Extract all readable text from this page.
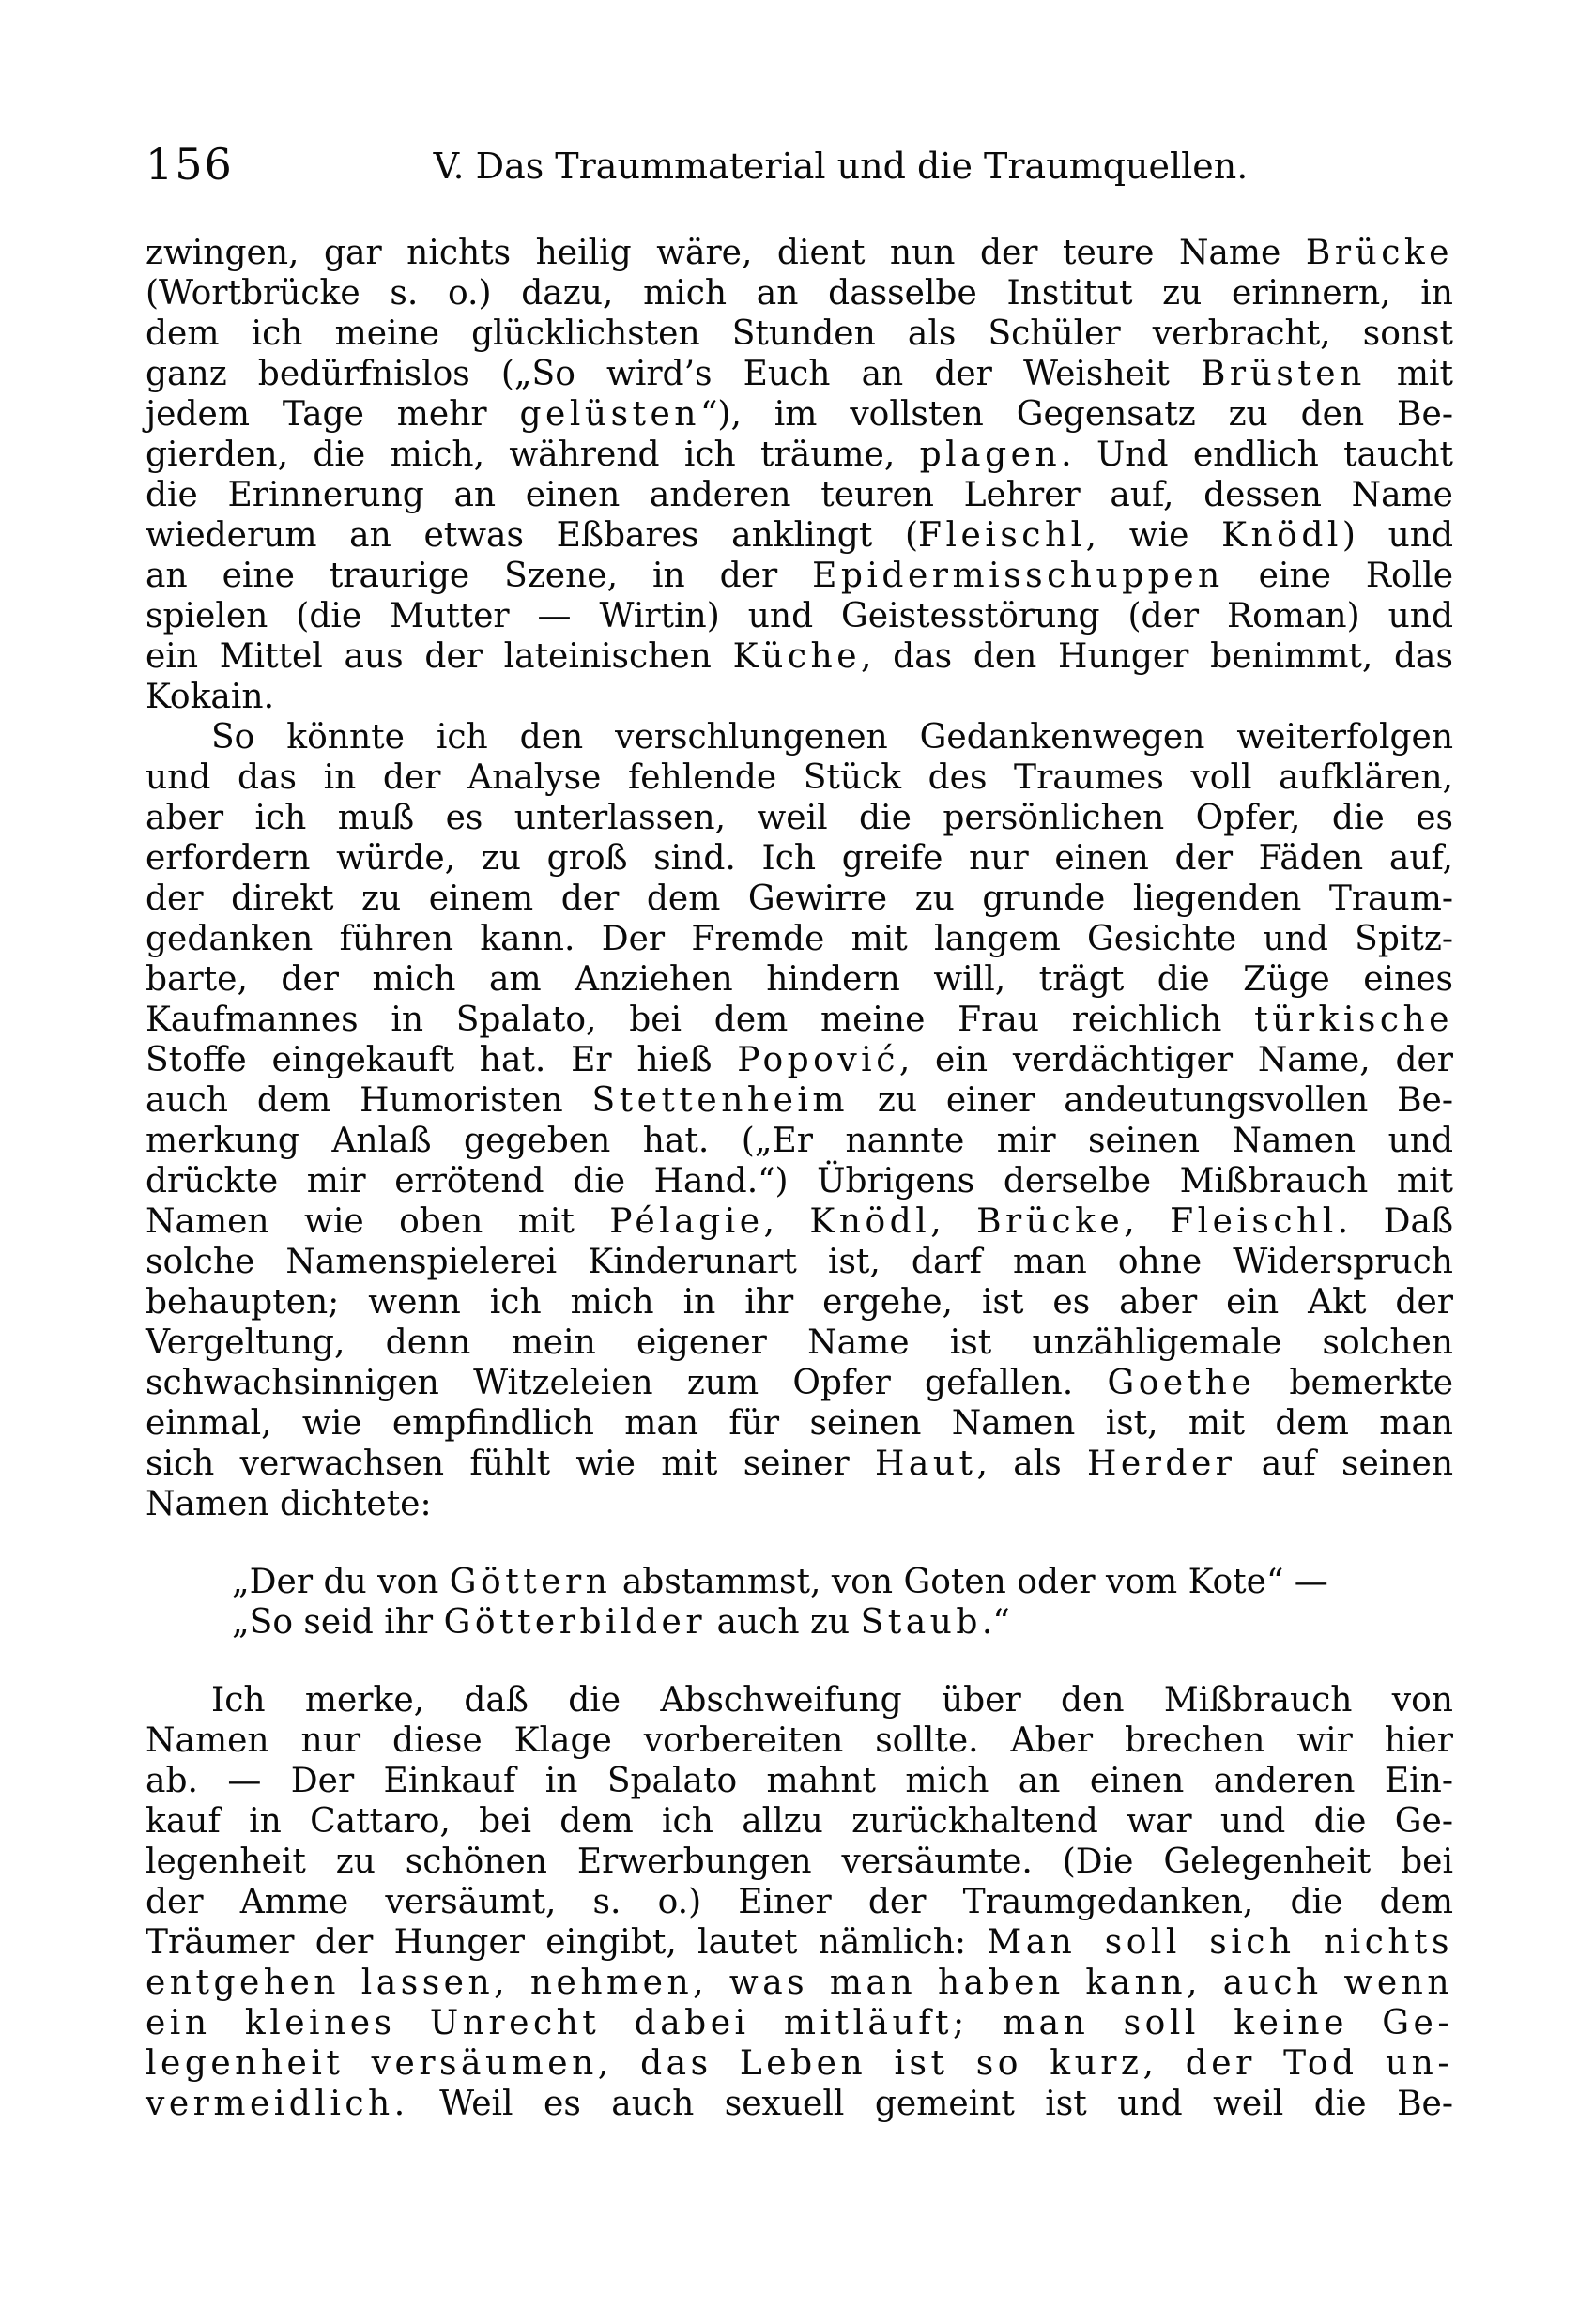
156	V. Das Traummaterial und die Traumquellen.
zwingen, gar nichts heilig wäre, dient nun der teure Name Brücke
(Wortbrücke s. o.) dazu, mich an dasselbe Institut zu erinnern, in
dem ich meine glücklichsten Stunden als Schüler verbracht, sonst
ganz bedürfnislos („So wird’s Euch an der Weisheit Brüsten mit
jedem Tage mehr gelüsten“), im vollsten Gegensatz zu den Be-
gierden, die mich, während ich träume, plagen. Und endlich taucht
die Erinnerung an einen anderen teuren Lehrer auf, dessen Name
wiederum an etwas Eßbares anklingt (Fleischl, wie Knödl) und
an eine traurige Szene, in der Epidermisschuppen eine Rolle
spielen (die Mutter — Wirtin) und Geistesstörung (der Roman) und
ein Mittel aus der lateinischen Küche, das den Hunger benimmt, das
Kokain.
So könnte ich den verschlungenen Gedankenwegen weiterfolgen
und das in der Analyse fehlende Stück des Traumes voll aufklären,
aber ich muß es unterlassen, weil die persönlichen Opfer, die es
erfordern würde, zu groß sind. Ich greife nur einen der Fäden auf,
der direkt zu einem der dem Gewirre zu grunde liegenden Traum-
gedanken führen kann. Der Fremde mit langem Gesichte und Spitz-
barte, der mich am Anziehen hindern will, trägt die Züge eines
Kaufmannes in Spalato, bei dem meine Frau reichlich türkische
Stoffe eingekauft hat. Er hieß Popović, ein verdächtiger Name, der
auch dem Humoristen Stettenheim zu einer andeutungsvollen Be-
merkung Anlaß gegeben hat. („Er nannte mir seinen Namen und
drückte mir errötend die Hand.“) Übrigens derselbe Mißbrauch mit
Namen wie oben mit Pélagie, Knödl, Brücke, Fleischl. Daß
solche Namenspielerei Kinderunart ist, darf man ohne Widerspruch
behaupten; wenn ich mich in ihr ergehe, ist es aber ein Akt der
Vergeltung, denn mein eigener Name ist unzähligemale solchen
schwachsinnigen Witzeleien zum Opfer gefallen. Goethe bemerkte
einmal, wie empfindlich man für seinen Namen ist, mit dem man
sich verwachsen fühlt wie mit seiner Haut, als Herder auf seinen
Namen dichtete:
„Der du von Göttern abstammst, von Goten oder vom Kote“ —
„So seid ihr Götterbilder auch zu Staub.“
Ich merke, daß die Abschweifung über den Mißbrauch von
Namen nur diese Klage vorbereiten sollte. Aber brechen wir hier
ab. — Der Einkauf in Spalato mahnt mich an einen anderen Ein-
kauf in Cattaro, bei dem ich allzu zurückhaltend war und die Ge-
legenheit zu schönen Erwerbungen versäumte. (Die Gelegenheit bei
der Amme versäumt, s. o.) Einer der Traumgedanken, die dem
Träumer der Hunger eingibt, lautet nämlich: Man soll sich nichts
entgehen lassen, nehmen, was man haben kann, auch wenn
ein kleines Unrecht dabei mitläuft; man soll keine Ge-
legenheit versäumen, das Leben ist so kurz, der Tod un-
vermeidlich. Weil es auch sexuell gemeint ist und weil die Be-
